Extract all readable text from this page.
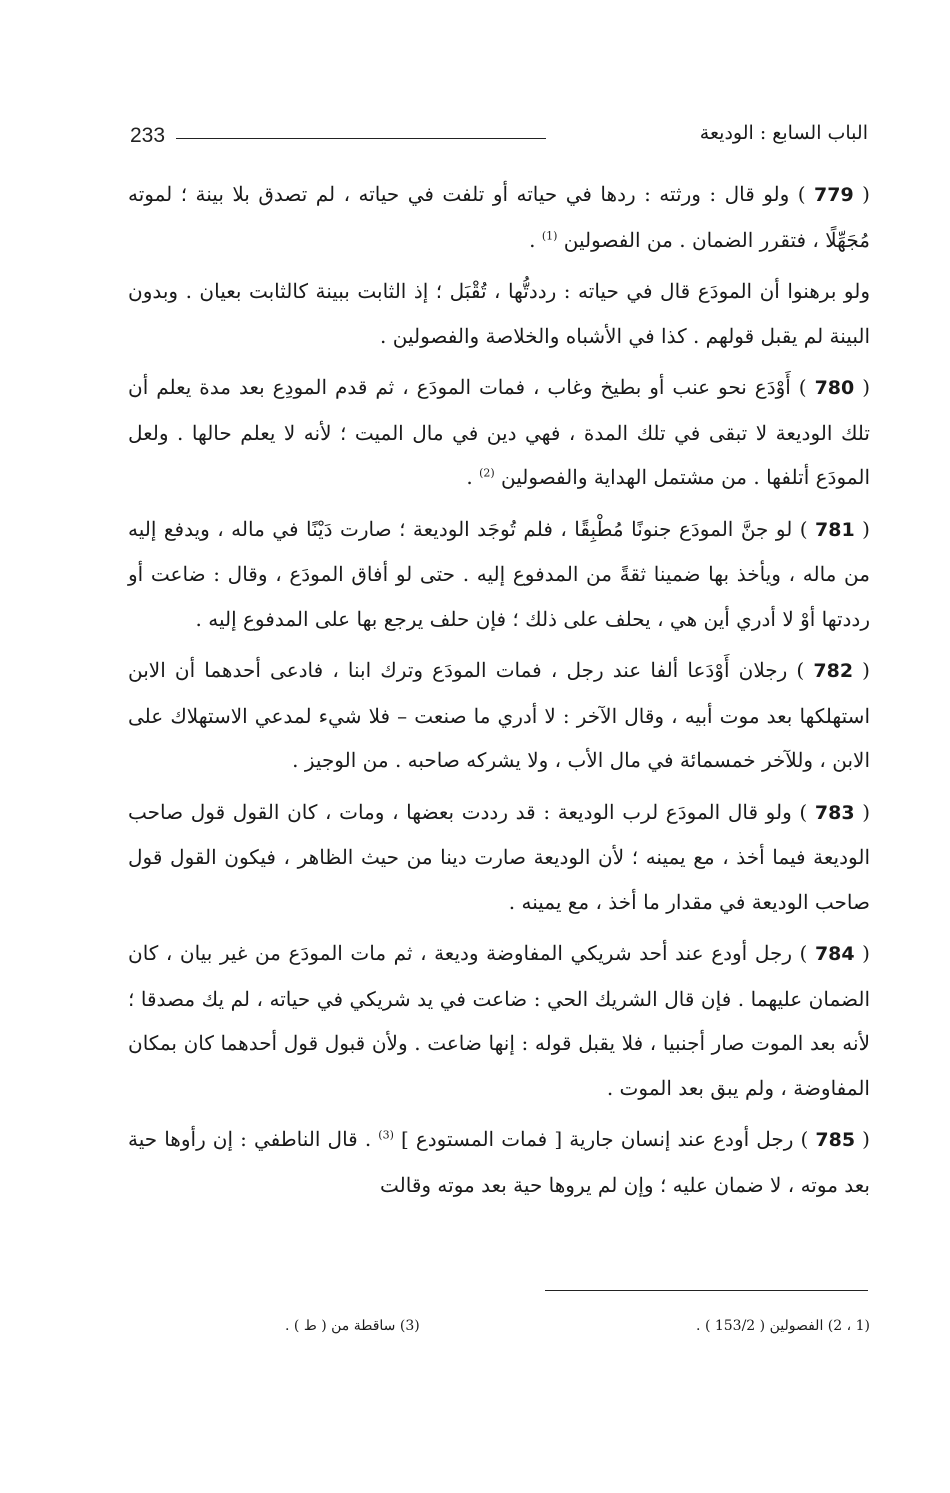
233	الباب السابع : الوديعة

( 779 ) ولو قال : ورثته : ردها في حياته أو تلفت في حياته ، لم تصدق بلا بينة ؛ لموته مُجَهِّلًا ، فتقرر الضمان . من الفصولين $^{(1)}$ .

ولو برهنوا أن المودَع قال في حياته : رددتُّها ، تُقْبَل ؛ إذ الثابت ببينة كالثابت بعيان . وبدون البينة لم يقبل قولهم . كذا في الأشباه والخلاصة والفصولين .

( 780 ) أَوْدَع نحو عنب أو بطيخ وغاب ، فمات المودَع ، ثم قدم المودِع بعد مدة يعلم أن تلك الوديعة لا تبقى في تلك المدة ، فهي دين في مال الميت ؛ لأنه لا يعلم حالها . ولعل المودَع أتلفها . من مشتمل الهداية والفصولين $^{(2)}$ .

( 781 ) لو جنَّ المودَع جنونًا مُطْبِقًا ، فلم تُوجَد الوديعة ؛ صارت دَيْنًا في ماله ، ويدفع إليه من ماله ، ويأخذ بها ضمينا ثقةً من المدفوع إليه . حتى لو أفاق المودَع ، وقال : ضاعت أو رددتها أوْ لا أدري أين هي ، يحلف على ذلك ؛ فإن حلف يرجع بها على المدفوع إليه .

( 782 ) رجلان أَوْدَعا ألفا عند رجل ، فمات المودَع وترك ابنا ، فادعى أحدهما أن الابن استهلكها بعد موت أبيه ، وقال الآخر : لا أدري ما صنعت – فلا شيء لمدعي الاستهلاك على الابن ، وللآخر خمسمائة في مال الأب ، ولا يشركه صاحبه . من الوجيز .

( 783 ) ولو قال المودَع لرب الوديعة : قد رددت بعضها ، ومات ، كان القول قول صاحب الوديعة فيما أخذ ، مع يمينه ؛ لأن الوديعة صارت دينا من حيث الظاهر ، فيكون القول قول صاحب الوديعة في مقدار ما أخذ ، مع يمينه .

( 784 ) رجل أودع عند أحد شريكي المفاوضة وديعة ، ثم مات المودَع من غير بيان ، كان الضمان عليهما . فإن قال الشريك الحي : ضاعت في يد شريكي في حياته ، لم يك مصدقا ؛ لأنه بعد الموت صار أجنبيا ، فلا يقبل قوله : إنها ضاعت . ولأن قبول قول أحدهما كان بمكان المفاوضة ، ولم يبق بعد الموت .

( 785 ) رجل أودع عند إنسان جارية [ فمات المستودع ] $^{(3)}$ . قال الناطفي : إن رأوها حية بعد موته ، لا ضمان عليه ؛ وإن لم يروها حية بعد موته وقالت

(1 ، 2) الفصولين ( 153/2 ) .
(3) ساقطة من ( ط ) .
